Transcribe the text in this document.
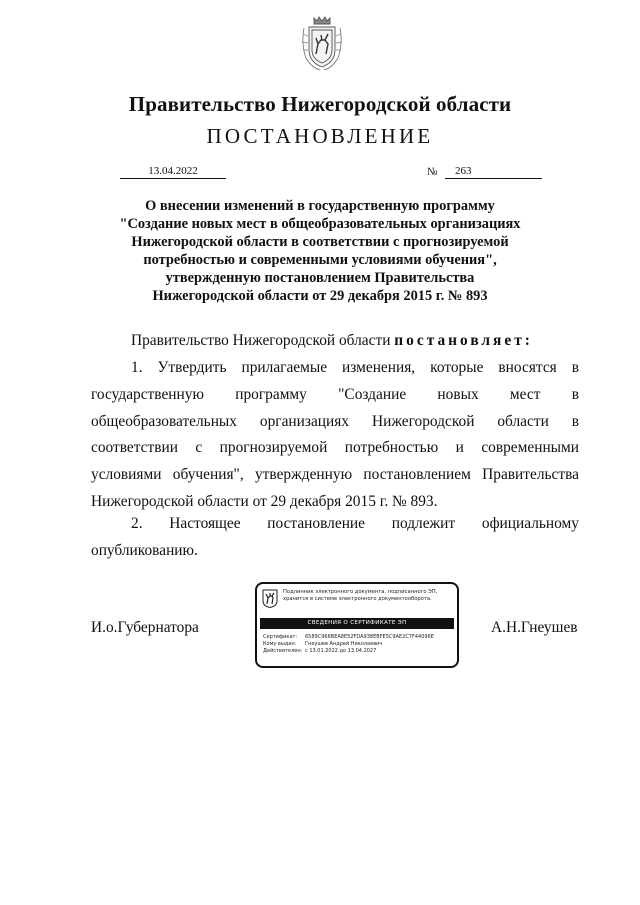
Правительство Нижегородской области
ПОСТАНОВЛЕНИЕ
13.04.2022	№	263
О внесении изменений в государственную программу
"Создание новых мест в общеобразовательных организациях
Нижегородской области в соответствии с прогнозируемой
потребностью и современными условиями обучения",
утвержденную постановлением Правительства
Нижегородской области от 29 декабря 2015 г. № 893
Правительство Нижегородской области постановляет:
1. Утвердить прилагаемые изменения, которые вносятся в государственную программу "Создание новых мест в общеобразовательных организациях Нижегородской области в соответствии с прогнозируемой потребностью и современными условиями обучения", утвержденную постановлением Правительства Нижегородской области от 29 декабря 2015 г. № 893.
2. Настоящее постановление подлежит официальному опубликованию.
И.о.Губернатора	А.Н.Гнеушев
Подлинник электронного документа, подписанного ЭП, хранится в системе электронного документооборота.
СВЕДЕНИЯ О СЕРТИФИКАТЕ ЭП
Сертификат: 6589C966BEA8E52FDA938EBFE5C9AE2C7F44096E
Кому выдан: Гнеушев Андрей Николаевич
Действителен: с 13.01.2022 до 13.04.2027
